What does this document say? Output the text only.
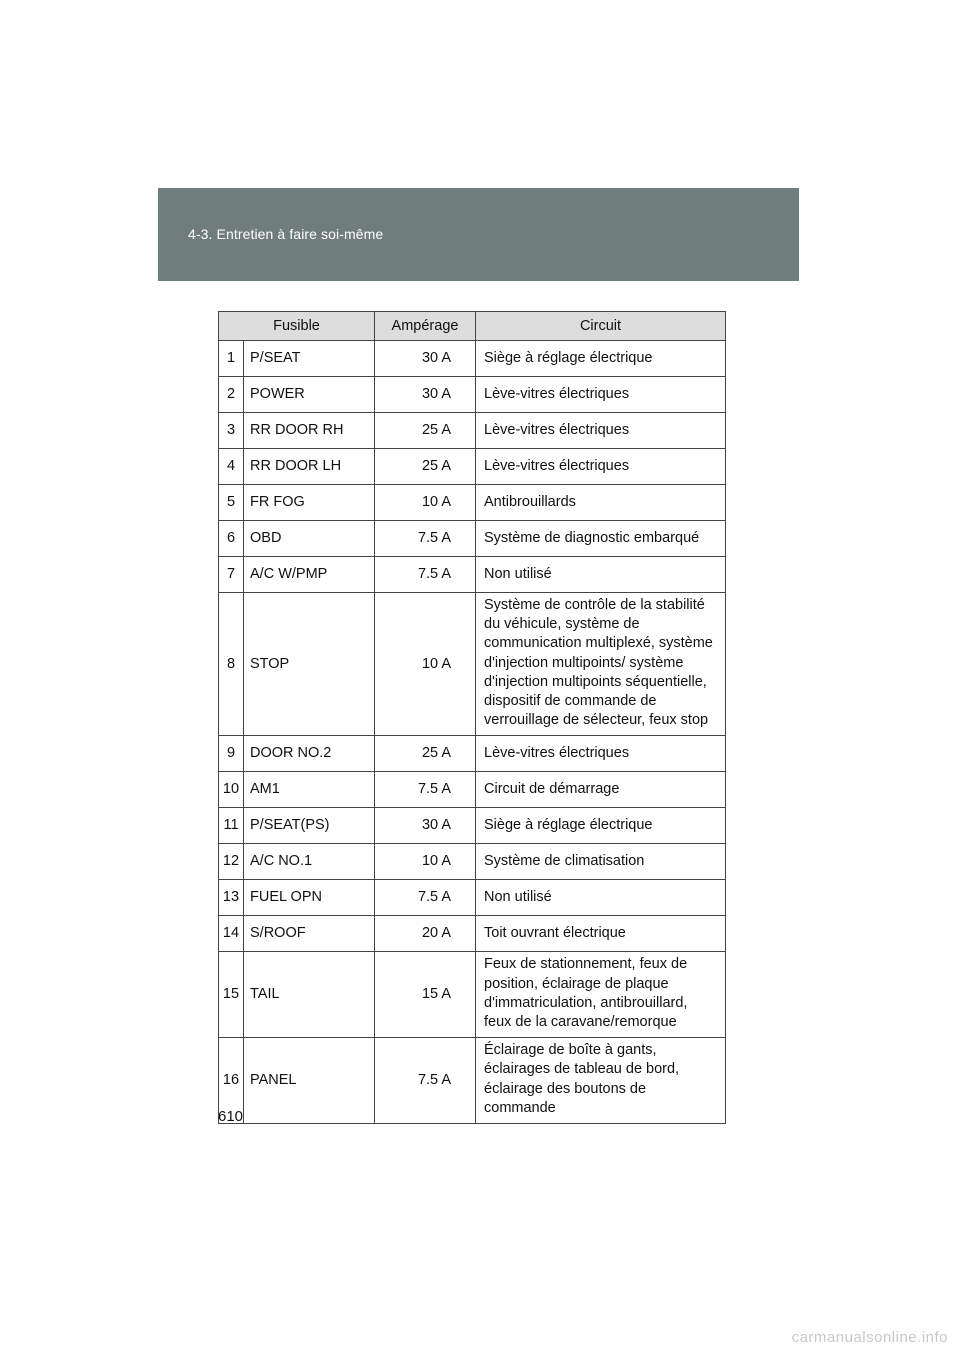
4-3. Entretien à faire soi-même
Fusible		Ampérage	Circuit
1	P/SEAT	30 A	Siège à réglage électrique
2	POWER	30 A	Lève-vitres électriques
3	RR DOOR RH	25 A	Lève-vitres électriques
4	RR DOOR LH	25 A	Lève-vitres électriques
5	FR FOG	10 A	Antibrouillards
6	OBD	7.5 A	Système de diagnostic embarqué
7	A/C W/PMP	7.5 A	Non utilisé
8	STOP	10 A	Système de contrôle de la stabilité du véhicule, système de communication multiplexé, système d'injection multipoints/ système d'injection multipoints séquentielle, dispositif de commande de verrouillage de sélecteur, feux stop
9	DOOR NO.2	25 A	Lève-vitres électriques
10	AM1	7.5 A	Circuit de démarrage
11	P/SEAT(PS)	30 A	Siège à réglage électrique
12	A/C NO.1	10 A	Système de climatisation
13	FUEL OPN	7.5 A	Non utilisé
14	S/ROOF	20 A	Toit ouvrant électrique
15	TAIL	15 A	Feux de stationnement, feux de position, éclairage de plaque d'immatriculation, antibrouillard, feux de la caravane/remorque
16	PANEL	7.5 A	Éclairage de boîte à gants, éclairages de tableau de bord, éclairage des boutons de commande
610
carmanualsonline.info
